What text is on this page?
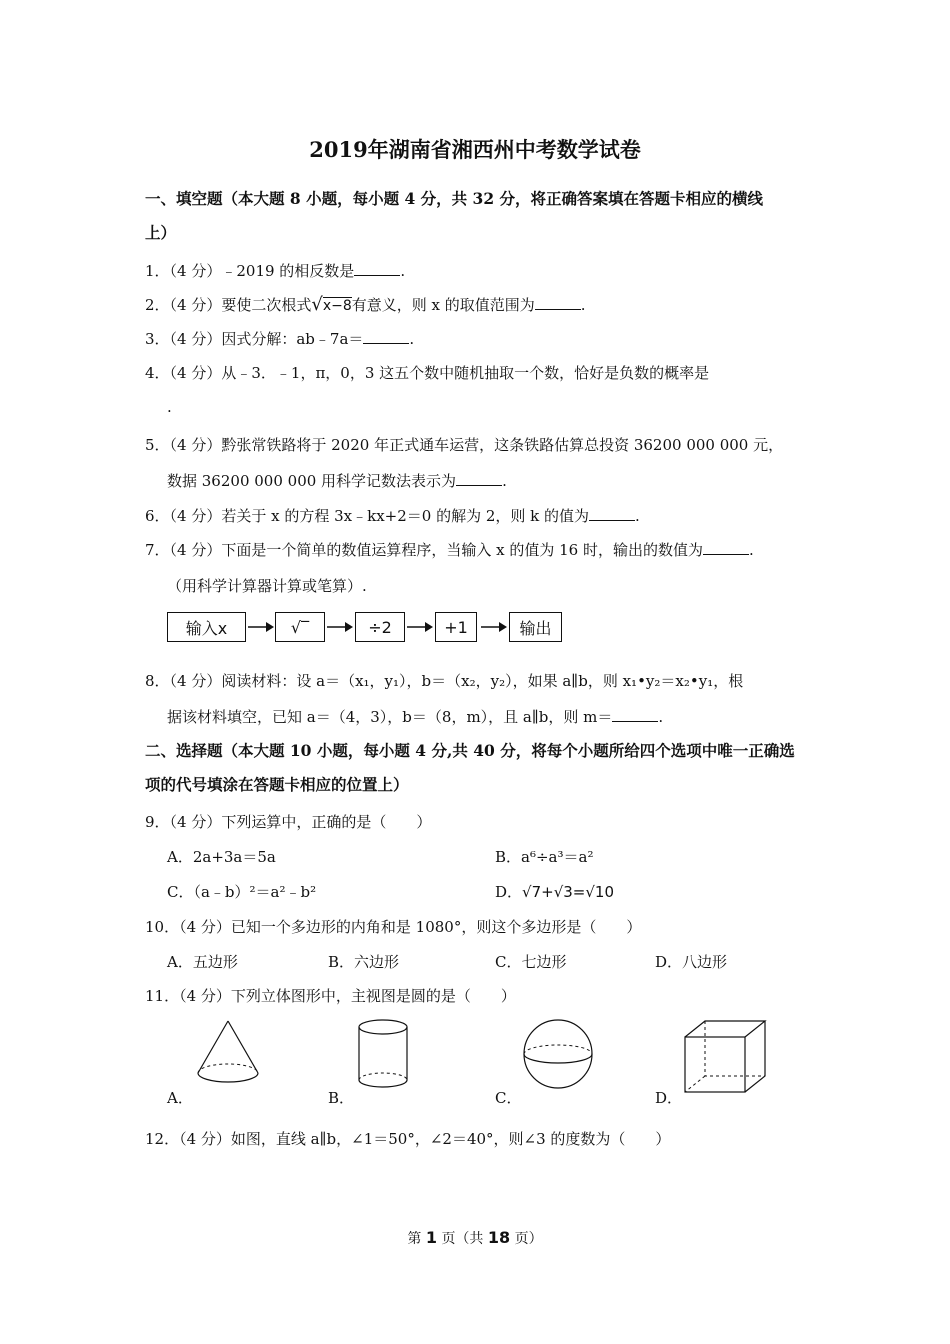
2019年湖南省湘西州中考数学试卷
一、填空题（本大题 8 小题，每小题 4 分，共 32 分，将正确答案填在答题卡相应的横线
上）
1．（4 分）﹣2019 的相反数是	.
2．（4 分）要使二次根式√x−8有意义，则 x 的取值范围为	.
3．（4 分）因式分解：ab﹣7a＝	.
4．（4 分）从﹣3．﹣1，π，0，3 这五个数中随机抽取一个数，恰好是负数的概率是
.
5．（4 分）黔张常铁路将于 2020 年正式通车运营，这条铁路估算总投资 36200 000 000 元，
数据 36200 000 000 用科学记数法表示为	.
6．（4 分）若关于 x 的方程 3x﹣kx+2＝0 的解为 2，则 k 的值为	.
7．（4 分）下面是一个简单的数值运算程序，当输入 x 的值为 16 时，输出的数值为	.
（用科学计算器计算或笔算）.
输入x	√‾	÷2	+1	输出
8．（4 分）阅读材料：设 a＝（x₁，y₁），b＝（x₂，y₂），如果 a∥b，则 x₁•y₂＝x₂•y₁，根
据该材料填空，已知 a＝（4，3），b＝（8，m），且 a∥b，则 m＝	.
二、选择题（本大题 10 小题，每小题 4 分,共 40 分，将每个小题所给四个选项中唯一正确选
项的代号填涂在答题卡相应的位置上）
9．（4 分）下列运算中，正确的是（　　）
A．2a+3a＝5a	B．a⁶÷a³＝a²
C．（a﹣b）²＝a²﹣b²	D．√7+√3=√10
10．（4 分）已知一个多边形的内角和是 1080°，则这个多边形是（　　）
A．五边形	B．六边形	C．七边形	D．八边形
11．（4 分）下列立体图形中，主视图是圆的是（　　）
A．	B．	C．	D．
12．（4 分）如图，直线 a∥b，∠1＝50°，∠2＝40°，则∠3 的度数为（　　）
第 1 页（共 18 页）
